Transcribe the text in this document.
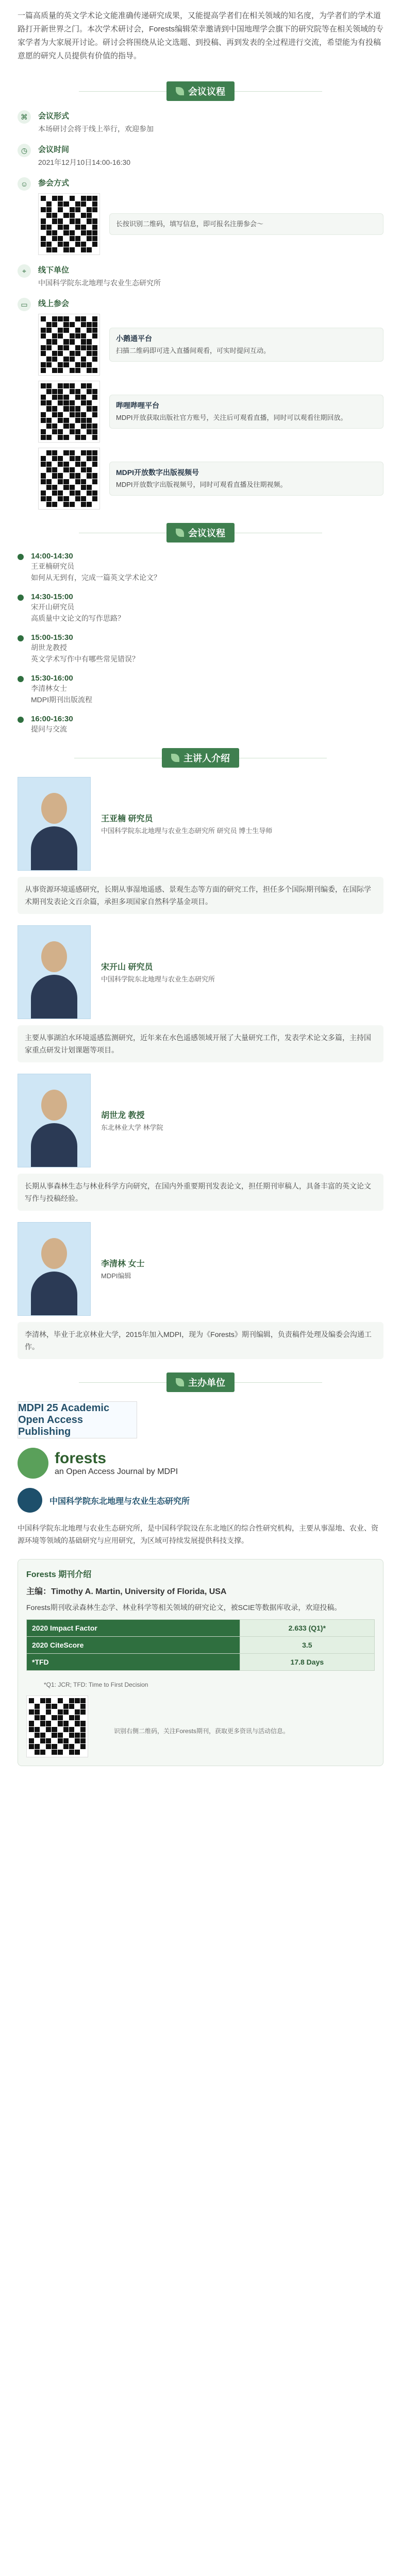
一篇高质量的英文学术论文能准确传递研究成果，又能提高学者们在相关领域的知名度，为学者们的学术道路打开新世界之门。本次学术研讨会，Forests编辑荣幸邀请到中国地理学会旗下的研究院等在相关领域的专家学者为大家展开讨论。研讨会将围绕从论文选题、到投稿、再到发表的全过程进行交流，希望能为有投稿意愿的研究人员提供有价值的指导。
会议议程
⌘	会议形式
本场研讨会将于线上举行，欢迎参加
◷	会议时间
2021年12月10日14:00-16:30
☺	参会方式
长按识别二维码，填写信息，即可报名注册参会～
⌖	线下单位
中国科学院东北地理与农业生态研究所
▭	线上参会
小鹅通平台
扫描二维码即可进入直播间观看，可实时提问互动。
哔哩哔哩平台
MDPI开放获取出版社官方账号，关注后可观看直播，同时可以观看往期回放。
MDPI开放数字出版视频号
MDPI开放数字出版视频号，同时可观看直播及往期视频。
会议议程
14:00-14:30
王亚楠研究员
如何从无到有，完成一篇英文学术论文？
14:30-15:00
宋开山研究员
高质量中文论文的写作思路？
15:00-15:30
胡世龙教授
英文学术写作中有哪些常见错误？
15:30-16:00
李清林女士
MDPI期刊出版流程
16:00-16:30
提问与交流
主讲人介绍
王亚楠 研究员
中国科学院东北地理与农业生态研究所 研究员 博士生导师
从事资源环境遥感研究，长期从事湿地遥感、景观生态等方面的研究工作，担任多个国际期刊编委，在国际学术期刊发表论文百余篇，承担多项国家自然科学基金项目。
宋开山 研究员
中国科学院东北地理与农业生态研究所
主要从事湖泊水环境遥感监测研究，近年来在水色遥感领域开展了大量研究工作，发表学术论文多篇，主持国家重点研发计划课题等项目。
胡世龙 教授
东北林业大学 林学院
长期从事森林生态与林业科学方向研究，在国内外重要期刊发表论文，担任期刊审稿人，具备丰富的英文论文写作与投稿经验。
李清林 女士
MDPI编辑
李清林，毕业于北京林业大学，2015年加入MDPI，现为《Forests》期刊编辑，负责稿件处理及编委会沟通工作。
主办单位
MDPI 25 Academic Open Access Publishing
forests
an Open Access Journal by MDPI
中国科学院东北地理与农业生态研究所
中国科学院东北地理与农业生态研究所，是中国科学院设在东北地区的综合性研究机构，主要从事湿地、农业、资源环境等领域的基础研究与应用研究，为区域可持续发展提供科技支撑。
Forests 期刊介绍
主编：Timothy A. Martin, University of Florida, USA
Forests期刊收录森林生态学、林业科学等相关领域的研究论文，被SCIE等数据库收录，欢迎投稿。
2020 Impact Factor	2.633 (Q1)*
2020 CiteScore	3.5
*TFD	17.8 Days
*Q1: JCR; TFD: Time to First Decision
识别右侧二维码，关注Forests期刊，获取更多资讯与活动信息。
